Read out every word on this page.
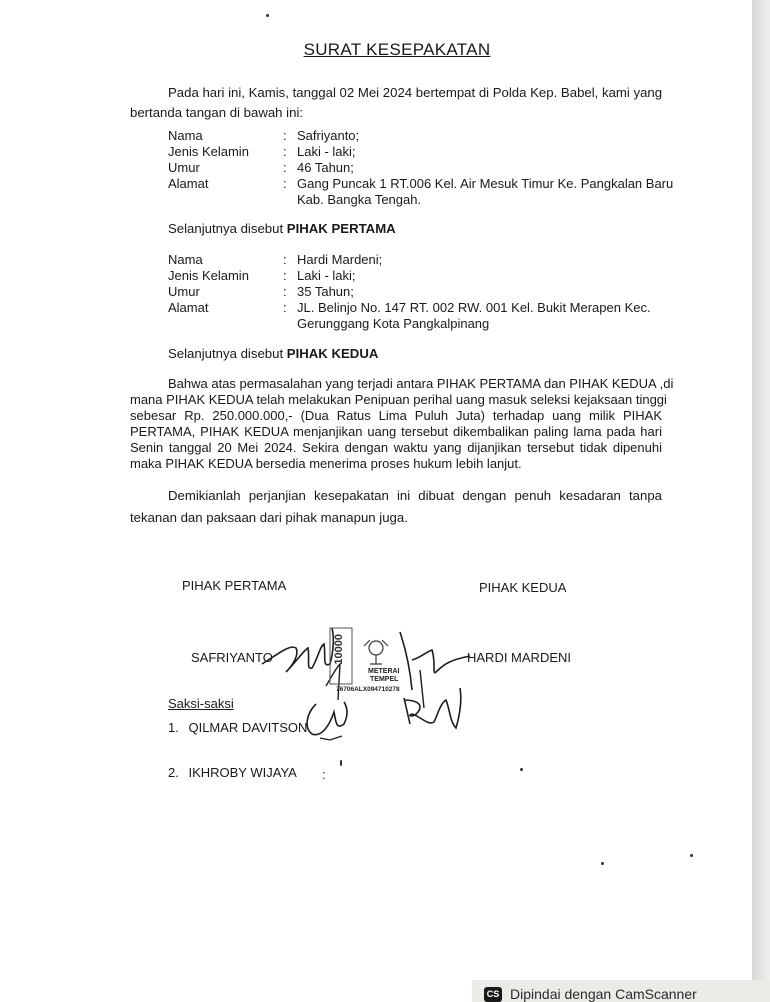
SURAT KESEPAKATAN
Pada hari ini, Kamis, tanggal 02 Mei 2024 bertempat di Polda Kep. Babel, kami yang
bertanda tangan di bawah ini:
Nama	: Safriyanto;
Jenis Kelamin	: Laki - laki;
Umur	: 46 Tahun;
Alamat	: Gang Puncak 1 RT.006 Kel. Air Mesuk Timur Ke. Pangkalan Baru
Kab. Bangka Tengah.
Selanjutnya disebut PIHAK PERTAMA
Nama	: Hardi Mardeni;
Jenis Kelamin	: Laki - laki;
Umur	: 35 Tahun;
Alamat	: JL. Belinjo No. 147 RT. 002 RW. 001 Kel. Bukit Merapen Kec.
Gerunggang Kota Pangkalpinang
Selanjutnya disebut PIHAK KEDUA
Bahwa atas permasalahan yang terjadi antara PIHAK PERTAMA dan PIHAK KEDUA ,di
mana PIHAK KEDUA telah melakukan Penipuan perihal uang masuk seleksi kejaksaan tinggi
sebesar Rp. 250.000.000,- (Dua Ratus Lima Puluh Juta) terhadap uang milik PIHAK
PERTAMA, PIHAK KEDUA menjanjikan uang tersebut dikembalikan paling lama pada hari
Senin tanggal 20 Mei 2024. Sekira dengan waktu yang dijanjikan tersebut tidak dipenuhi
maka PIHAK KEDUA bersedia menerima proses hukum lebih lanjut.
Demikianlah perjanjian kesepakatan ini dibuat dengan penuh kesadaran tanpa
tekanan dan paksaan dari pihak manapun juga.
PIHAK PERTAMA	PIHAK KEDUA
SAFRIYANTO	HARDI MARDENI
10000
METERAI
TEMPEL
76706ALX094710278
Saksi-saksi
1. QILMAR DAVITSON
2. IKHROBY WIJAYA :
CS Dipindai dengan CamScanner
